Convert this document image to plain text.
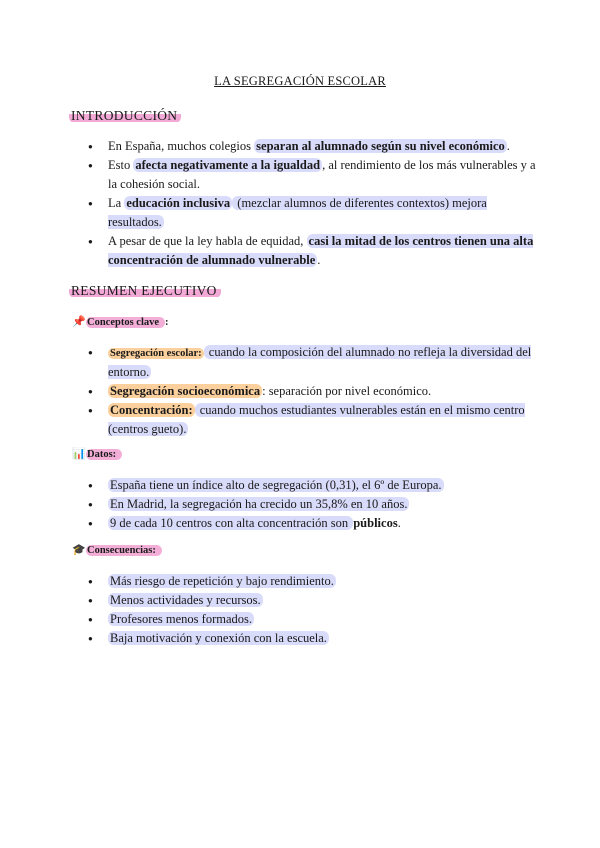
LA SEGREGACIÓN ESCOLAR
INTRODUCCIÓN
● En España, muchos colegios separan al alumnado según su nivel económico .
● Esto afecta negativamente a la igualdad , al rendimiento de los más vulnerables y a la cohesión social.
● La educación inclusiva (mezclar alumnos de diferentes contextos) mejora resultados.
● A pesar de que la ley habla de equidad, casi la mitad de los centros tienen una alta concentración de alumnado vulnerable .
RESUMEN EJECUTIVO
📌Conceptos clave :
● Segregación escolar: cuando la composición del alumnado no refleja la diversidad del entorno.
● Segregación socioeconómica : separación por nivel económico.
● Concentración: cuando muchos estudiantes vulnerables están en el mismo centro (centros gueto).
📊Datos:
● España tiene un índice alto de segregación (0,31), el 6º de Europa.
● En Madrid, la segregación ha crecido un 35,8% en 10 años.
● 9 de cada 10 centros con alta concentración son públicos.
🎓Consecuencias:
● Más riesgo de repetición y bajo rendimiento.
● Menos actividades y recursos.
● Profesores menos formados.
● Baja motivación y conexión con la escuela.
